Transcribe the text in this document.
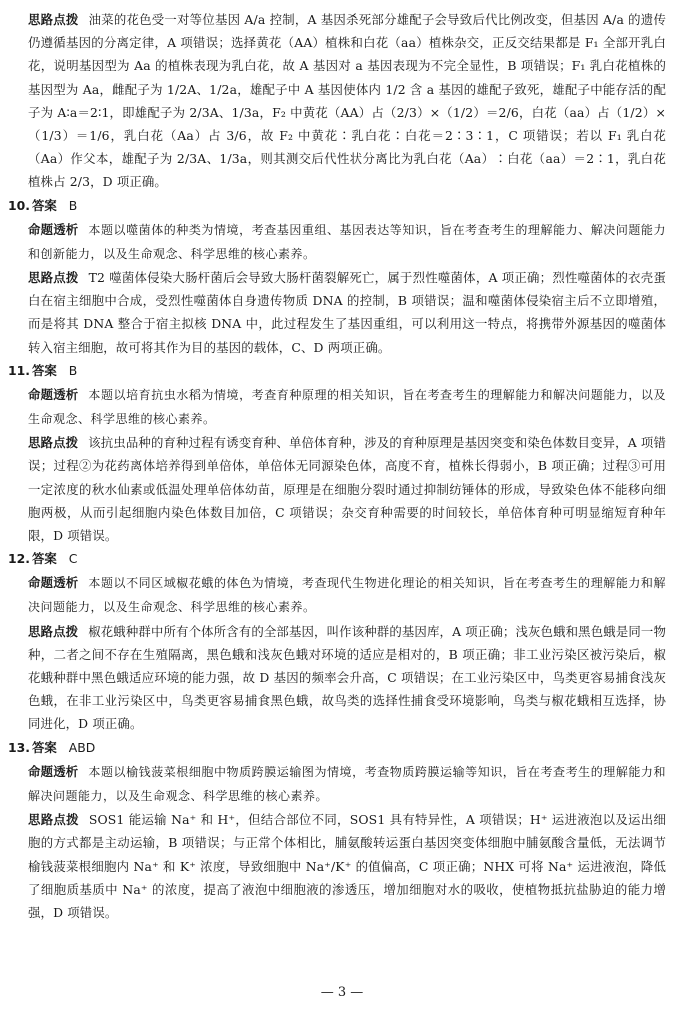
思路点拨 油菜的花色受一对等位基因 A/a 控制，A 基因杀死部分雄配子会导致后代比例改变，但基因 A/a 的遗传仍遵循基因的分离定律，A 项错误；选择黄花（AA）植株和白花（aa）植株杂交，正反交结果都是 F₁ 全部开乳白花，说明基因型为 Aa 的植株表现为乳白花，故 A 基因对 a 基因表现为不完全显性，B 项错误；F₁ 乳白花植株的基因型为 Aa，雌配子为 1/2A、1/2a，雄配子中 A 基因使体内 1/2 含 a 基因的雄配子致死，雄配子中能存活的配子为 A∶a＝2∶1，即雄配子为 2/3A、1/3a，F₂ 中黄花（AA）占（2/3）×（1/2）＝2/6，白花（aa）占（1/2）×（1/3）＝1/6，乳白花（Aa）占 3/6，故 F₂ 中黄花∶乳白花∶白花＝2∶3∶1，C 项错误；若以 F₁ 乳白花（Aa）作父本，雄配子为 2/3A、1/3a，则其测交后代性状分离比为乳白花（Aa）∶白花（aa）＝2∶1，乳白花植株占 2/3，D 项正确。

10. 答案 B

命题透析 本题以噬菌体的种类为情境，考查基因重组、基因表达等知识，旨在考查考生的理解能力、解决问题能力和创新能力，以及生命观念、科学思维的核心素养。

思路点拨 T2 噬菌体侵染大肠杆菌后会导致大肠杆菌裂解死亡，属于烈性噬菌体，A 项正确；烈性噬菌体的衣壳蛋白在宿主细胞中合成，受烈性噬菌体自身遗传物质 DNA 的控制，B 项错误；温和噬菌体侵染宿主后不立即增殖，而是将其 DNA 整合于宿主拟核 DNA 中，此过程发生了基因重组，可以利用这一特点，将携带外源基因的噬菌体转入宿主细胞，故可将其作为目的基因的载体，C、D 两项正确。

11. 答案 B

命题透析 本题以培育抗虫水稻为情境，考查育种原理的相关知识，旨在考查考生的理解能力和解决问题能力，以及生命观念、科学思维的核心素养。

思路点拨 该抗虫品种的育种过程有诱变育种、单倍体育种，涉及的育种原理是基因突变和染色体数目变异，A 项错误；过程②为花药离体培养得到单倍体，单倍体无同源染色体，高度不育，植株长得弱小，B 项正确；过程③可用一定浓度的秋水仙素或低温处理单倍体幼苗，原理是在细胞分裂时通过抑制纺锤体的形成，导致染色体不能移向细胞两极，从而引起细胞内染色体数目加倍，C 项错误；杂交育种需要的时间较长，单倍体育种可明显缩短育种年限，D 项错误。

12. 答案 C

命题透析 本题以不同区域椒花蛾的体色为情境，考查现代生物进化理论的相关知识，旨在考查考生的理解能力和解决问题能力，以及生命观念、科学思维的核心素养。

思路点拨 椒花蛾种群中所有个体所含有的全部基因，叫作该种群的基因库，A 项正确；浅灰色蛾和黑色蛾是同一物种，二者之间不存在生殖隔离，黑色蛾和浅灰色蛾对环境的适应是相对的，B 项正确；非工业污染区被污染后，椒花蛾种群中黑色蛾适应环境的能力强，故 D 基因的频率会升高，C 项错误；在工业污染区中，鸟类更容易捕食浅灰色蛾，在非工业污染区中，鸟类更容易捕食黑色蛾，故鸟类的选择性捕食受环境影响，鸟类与椒花蛾相互选择，协同进化，D 项正确。

13. 答案 ABD

命题透析 本题以榆钱菠菜根细胞中物质跨膜运输图为情境，考查物质跨膜运输等知识，旨在考查考生的理解能力和解决问题能力，以及生命观念、科学思维的核心素养。

思路点拨 SOS1 能运输 Na⁺ 和 H⁺，但结合部位不同，SOS1 具有特异性，A 项错误；H⁺ 运进液泡以及运出细胞的方式都是主动运输，B 项错误；与正常个体相比，脯氨酸转运蛋白基因突变体细胞中脯氨酸含量低，无法调节榆钱菠菜根细胞内 Na⁺ 和 K⁺ 浓度，导致细胞中 Na⁺/K⁺ 的值偏高，C 项正确；NHX 可将 Na⁺ 运进液泡，降低了细胞质基质中 Na⁺ 的浓度，提高了液泡中细胞液的渗透压，增加细胞对水的吸收，使植物抵抗盐胁迫的能力增强，D 项错误。

— 3 —
